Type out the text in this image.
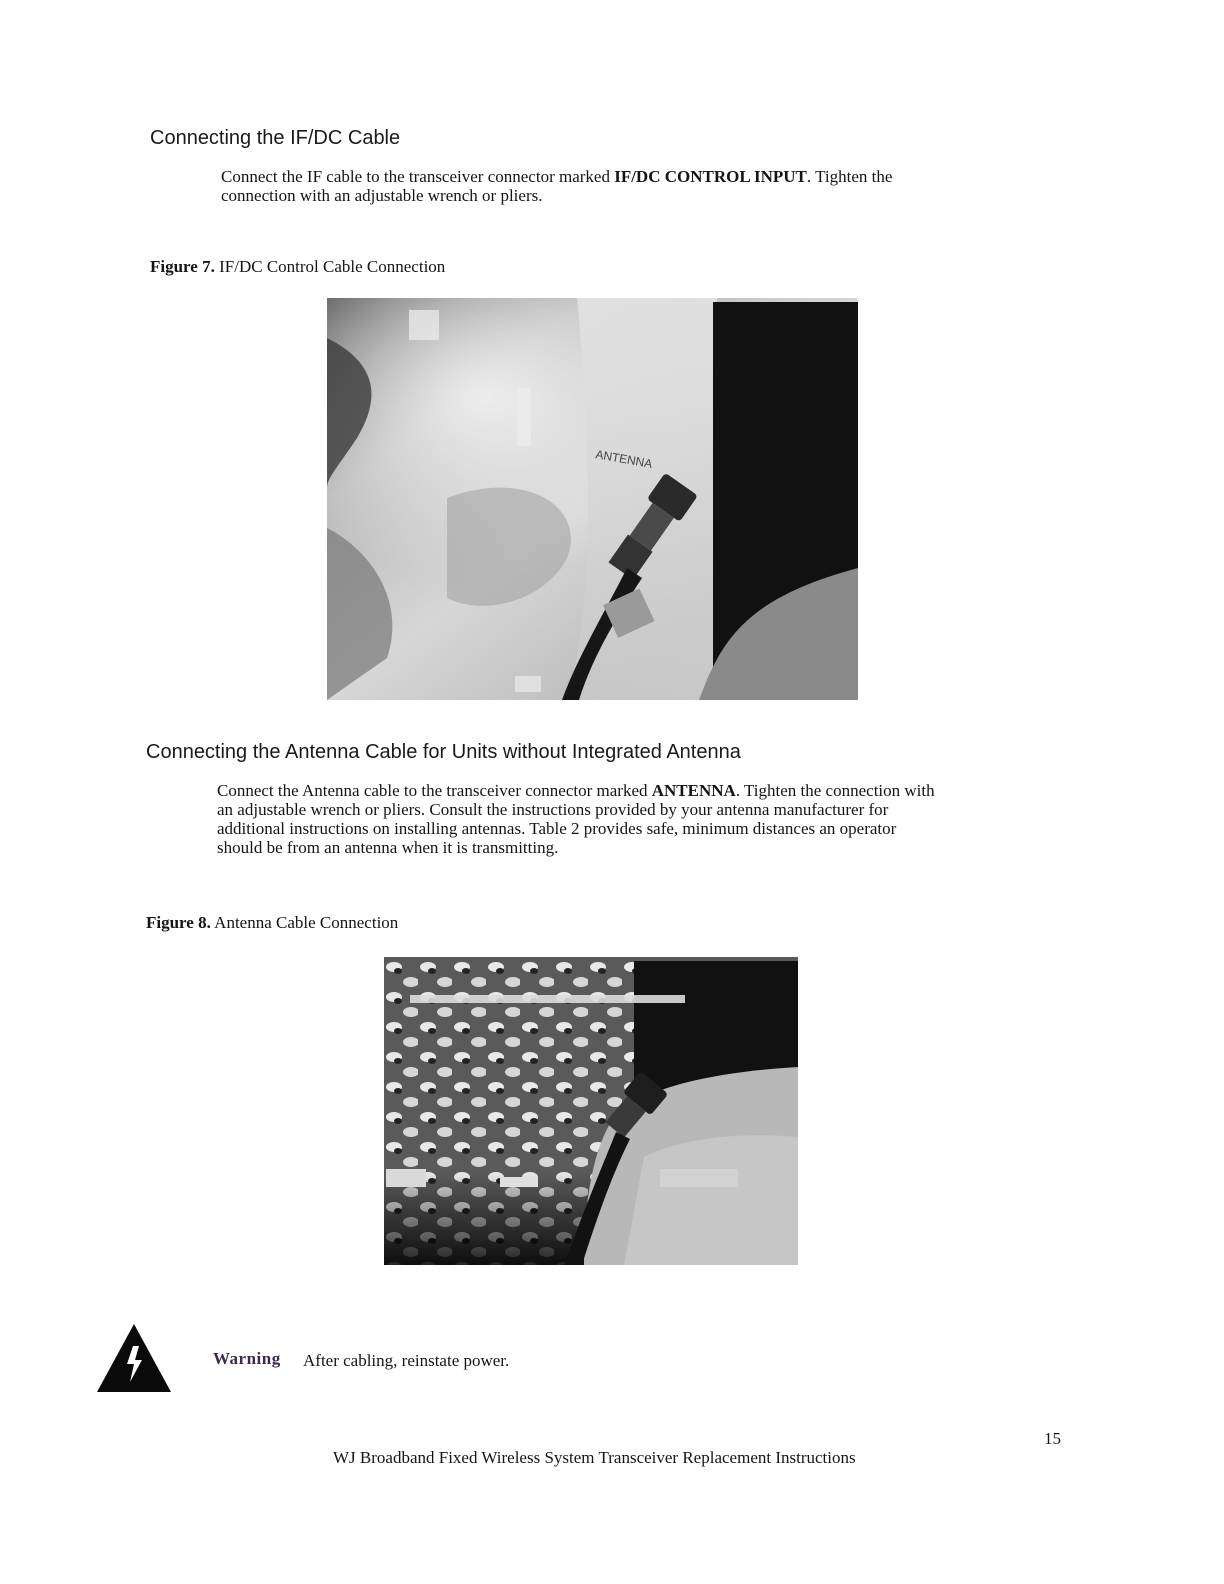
Connecting the IF/DC Cable

Connect the IF cable to the transceiver connector marked IF/DC CONTROL INPUT. Tighten the
connection with an adjustable wrench or pliers.

Figure 7. IF/DC Control Cable Connection

ANTENNA
Connecting the Antenna Cable for Units without Integrated Antenna

Connect the Antenna cable to the transceiver connector marked ANTENNA. Tighten the connection with
an adjustable wrench or pliers. Consult the instructions provided by your antenna manufacturer for
additional instructions on installing antennas. Table 2 provides safe, minimum distances an operator
should be from an antenna when it is transmitting.

Figure 8. Antenna Cable Connection

Warning After cabling, reinstate power.
15
WJ Broadband Fixed Wireless System Transceiver Replacement Instructions
